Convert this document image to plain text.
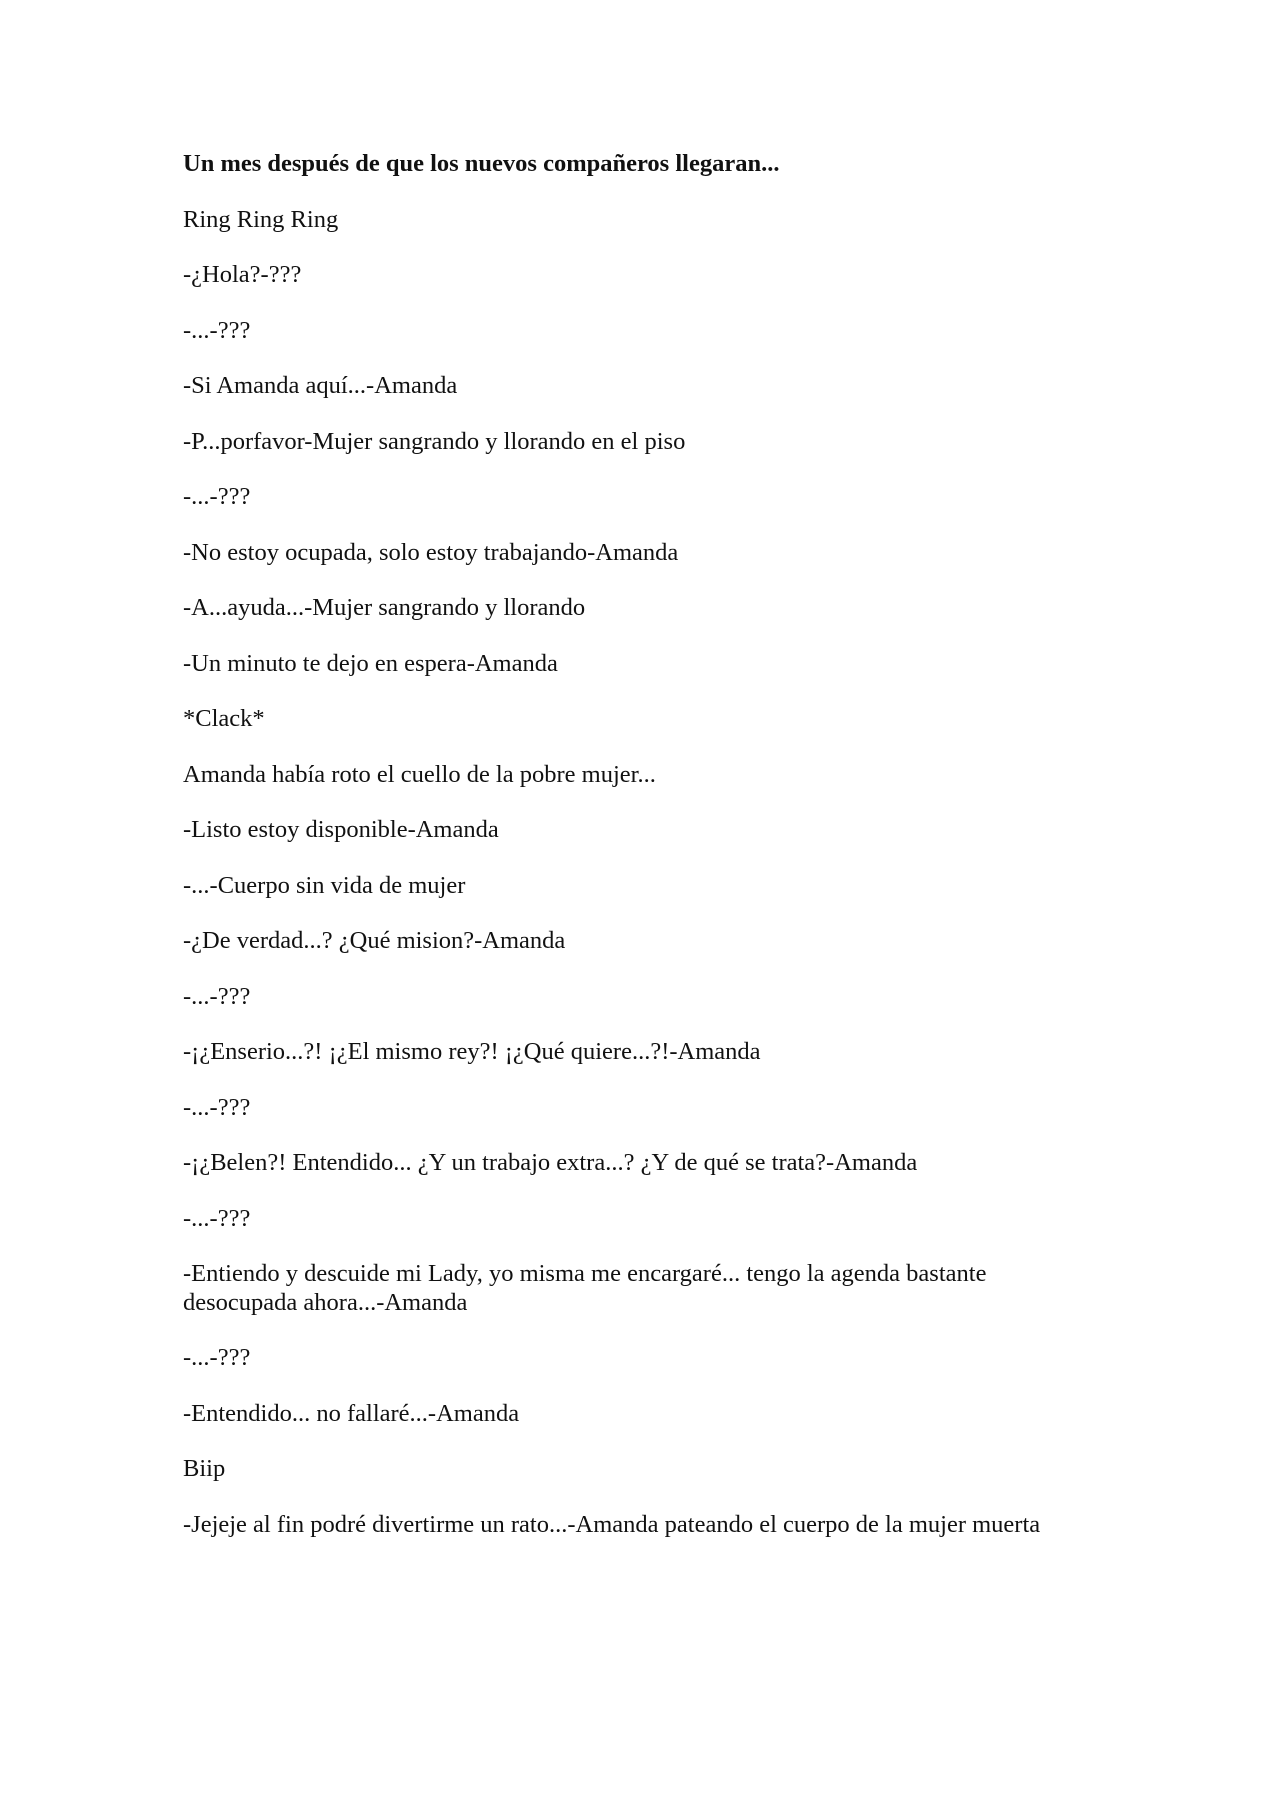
Un mes después de que los nuevos compañeros llegaran...

Ring Ring Ring

-¿Hola?-???

-...-???

-Si Amanda aquí...-Amanda

-P...porfavor-Mujer sangrando y llorando en el piso

-...-???

-No estoy ocupada, solo estoy trabajando-Amanda

-A...ayuda...-Mujer sangrando y llorando

-Un minuto te dejo en espera-Amanda

*Clack*

Amanda había roto el cuello de la pobre mujer...

-Listo estoy disponible-Amanda

-...-Cuerpo sin vida de mujer

-¿De verdad...? ¿Qué mision?-Amanda

-...-???

-¡¿Enserio...?! ¡¿El mismo rey?! ¡¿Qué quiere...?!-Amanda

-...-???

-¡¿Belen?! Entendido... ¿Y un trabajo extra...? ¿Y de qué se trata?-Amanda

-...-???

-Entiendo y descuide mi Lady, yo misma me encargaré... tengo la agenda bastante desocupada ahora...-Amanda

-...-???

-Entendido... no fallaré...-Amanda

Biip

-Jejeje al fin podré divertirme un rato...-Amanda pateando el cuerpo de la mujer muerta
